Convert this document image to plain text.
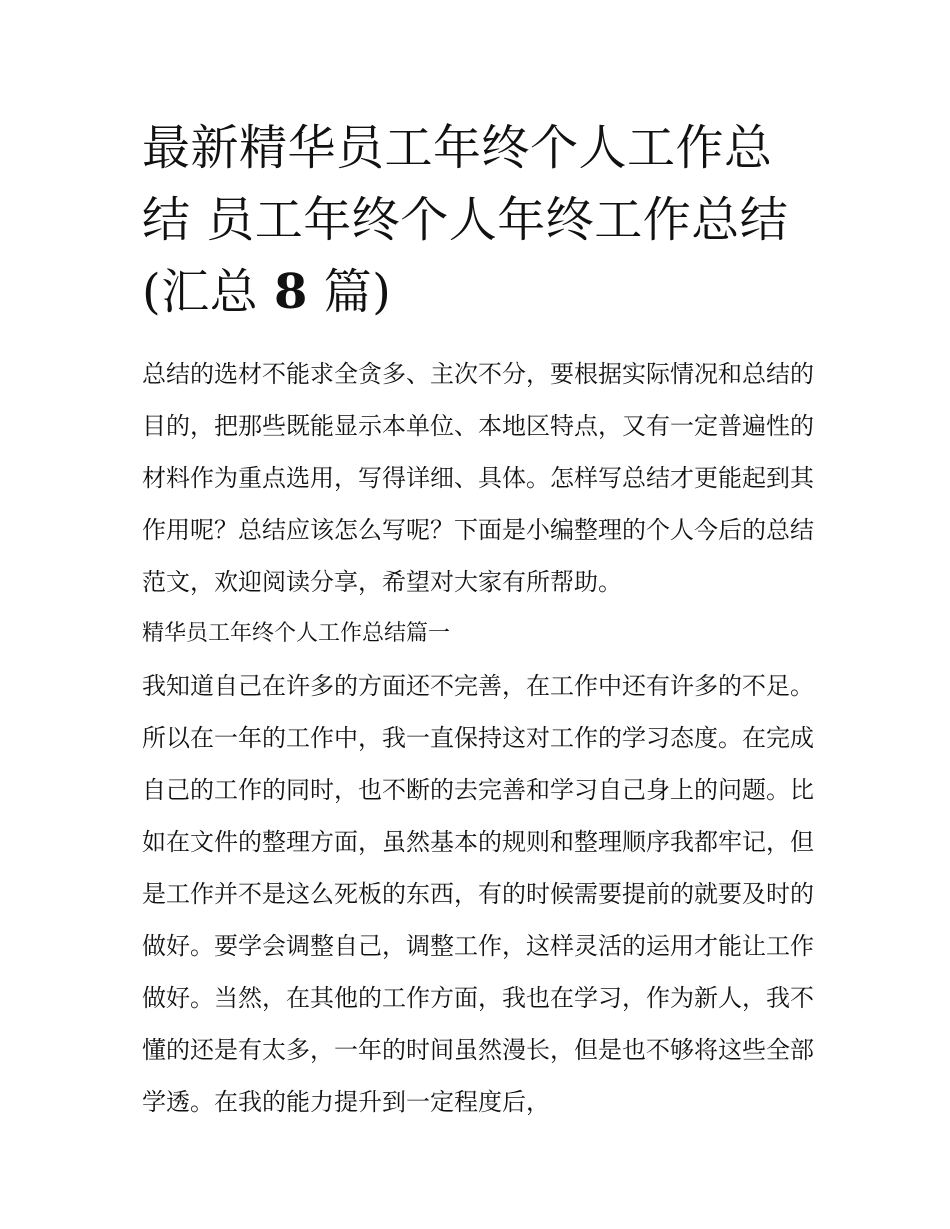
最新精华员工年终个人工作总结 员工年终个人年终工作总结(汇总 8 篇)

总结的选材不能求全贪多、主次不分，要根据实际情况和总结的目的，把那些既能显示本单位、本地区特点，又有一定普遍性的材料作为重点选用，写得详细、具体。怎样写总结才更能起到其作用呢？总结应该怎么写呢？下面是小编整理的个人今后的总结范文，欢迎阅读分享，希望对大家有所帮助。

精华员工年终个人工作总结篇一

我知道自己在许多的方面还不完善，在工作中还有许多的不足。所以在一年的工作中，我一直保持这对工作的学习态度。在完成自己的工作的同时，也不断的去完善和学习自己身上的问题。比如在文件的整理方面，虽然基本的规则和整理顺序我都牢记，但是工作并不是这么死板的东西，有的时候需要提前的就要及时的做好。要学会调整自己，调整工作，这样灵活的运用才能让工作做好。当然，在其他的工作方面，我也在学习，作为新人，我不懂的还是有太多，一年的时间虽然漫长，但是也不够将这些全部学透。在我的能力提升到一定程度后，
